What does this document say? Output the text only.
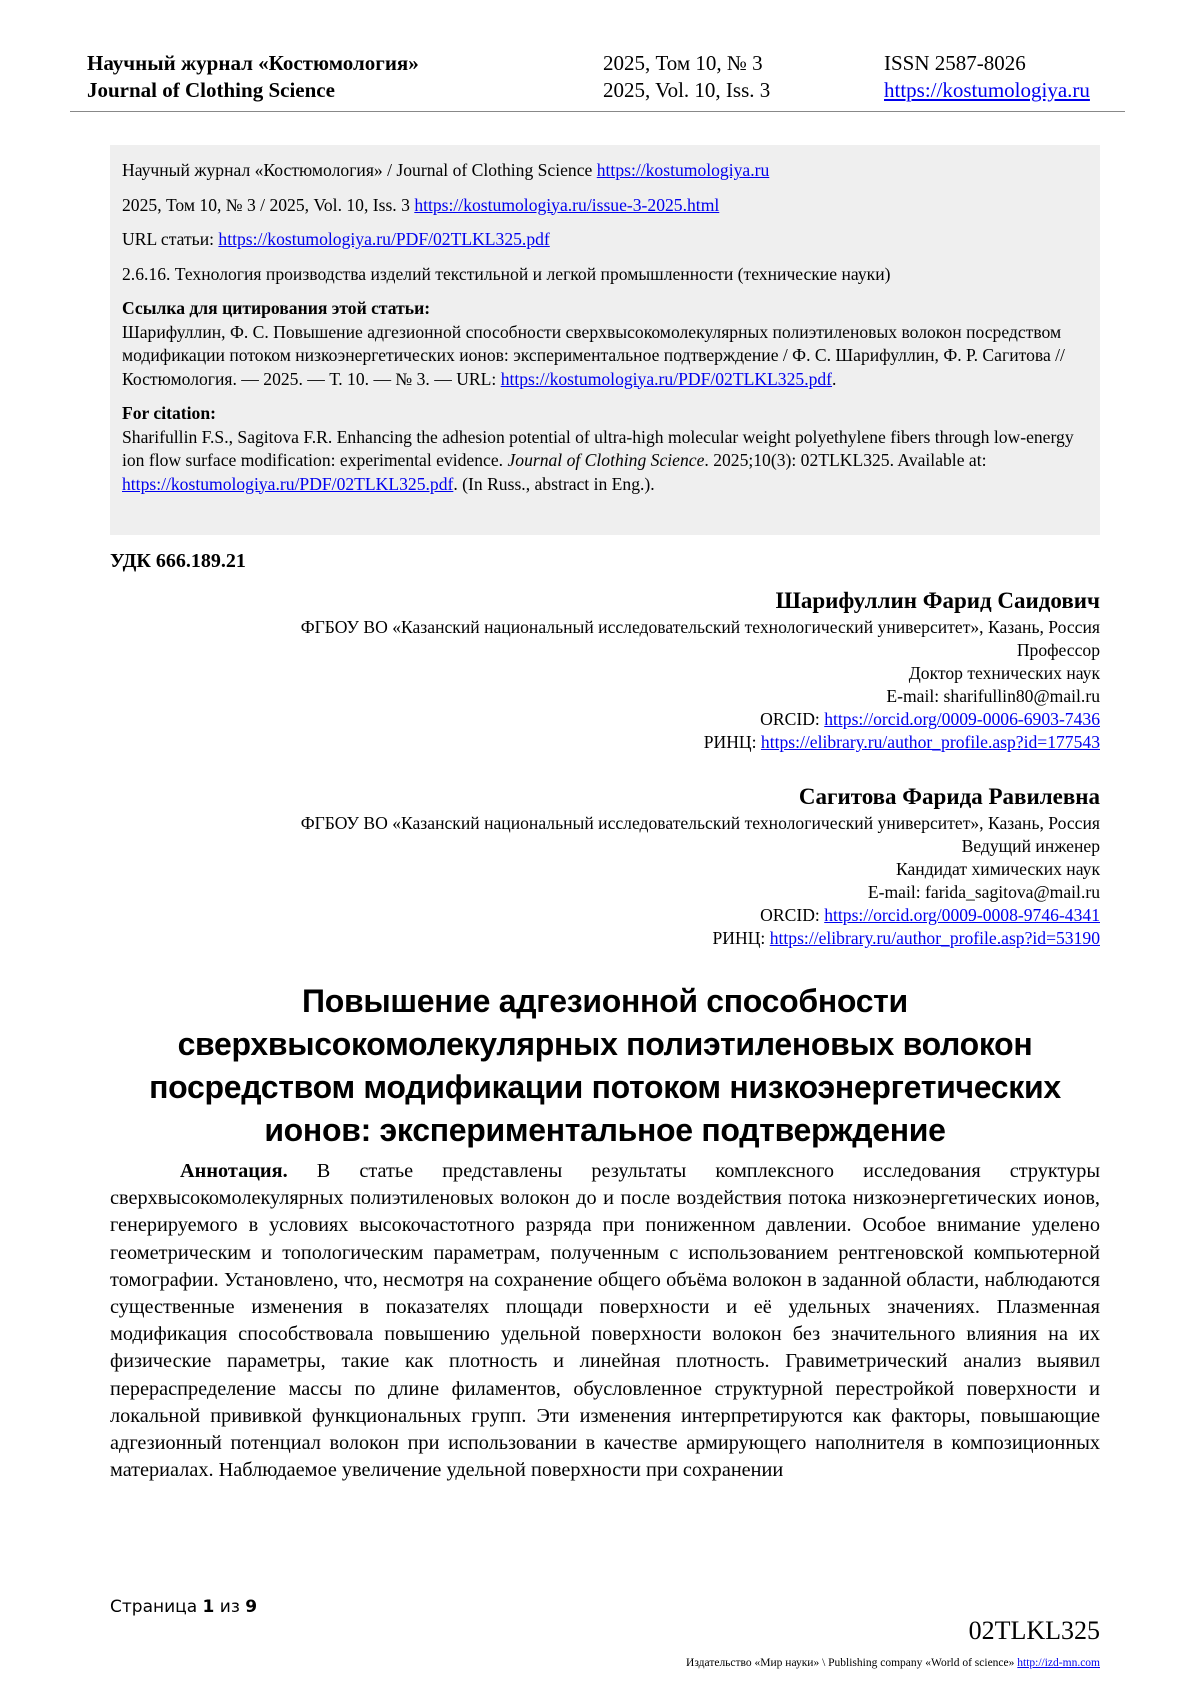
Научный журнал «Костюмология»
Journal of Clothing Science
2025, Том 10, № 3
2025, Vol. 10, Iss. 3
ISSN 2587-8026
https://kostumologiya.ru

Научный журнал «Костюмология» / Journal of Clothing Science https://kostumologiya.ru

2025, Том 10, № 3 / 2025, Vol. 10, Iss. 3 https://kostumologiya.ru/issue-3-2025.html

URL статьи: https://kostumologiya.ru/PDF/02TLKL325.pdf

2.6.16. Технология производства изделий текстильной и легкой промышленности (технические науки)

Ссылка для цитирования этой статьи:
Шарифуллин, Ф. С. Повышение адгезионной способности сверхвысокомолекулярных полиэтиленовых волокон посредством модификации потоком низкоэнергетических ионов: экспериментальное подтверждение / Ф. С. Шарифуллин, Ф. Р. Сагитова // Костюмология. — 2025. — Т. 10. — № 3. — URL: https://kostumologiya.ru/PDF/02TLKL325.pdf.

For citation:
Sharifullin F.S., Sagitova F.R. Enhancing the adhesion potential of ultra-high molecular weight polyethylene fibers through low-energy ion flow surface modification: experimental evidence. Journal of Clothing Science. 2025;10(3): 02TLKL325. Available at: https://kostumologiya.ru/PDF/02TLKL325.pdf. (In Russ., abstract in Eng.).

УДК 666.189.21
Шарифуллин Фарид Саидович
ФГБОУ ВО «Казанский национальный исследовательский технологический университет», Казань, Россия
Профессор
Доктор технических наук
E-mail: sharifullin80@mail.ru
ORCID: https://orcid.org/0009-0006-6903-7436
РИНЦ: https://elibrary.ru/author_profile.asp?id=177543
Сагитова Фарида Равилевна
ФГБОУ ВО «Казанский национальный исследовательский технологический университет», Казань, Россия
Ведущий инженер
Кандидат химических наук
E-mail: farida_sagitova@mail.ru
ORCID: https://orcid.org/0009-0008-9746-4341
РИНЦ: https://elibrary.ru/author_profile.asp?id=53190
Повышение адгезионной способности сверхвысокомолекулярных полиэтиленовых волокон посредством модификации потоком низкоэнергетических ионов: экспериментальное подтверждение
Аннотация. В статье представлены результаты комплексного исследования структуры сверхвысокомолекулярных полиэтиленовых волокон до и после воздействия потока низкоэнергетических ионов, генерируемого в условиях высокочастотного разряда при пониженном давлении. Особое внимание уделено геометрическим и топологическим параметрам, полученным с использованием рентгеновской компьютерной томографии. Установлено, что, несмотря на сохранение общего объёма волокон в заданной области, наблюдаются существенные изменения в показателях площади поверхности и её удельных значениях. Плазменная модификация способствовала повышению удельной поверхности волокон без значительного влияния на их физические параметры, такие как плотность и линейная плотность. Гравиметрический анализ выявил перераспределение массы по длине филаментов, обусловленное структурной перестройкой поверхности и локальной прививкой функциональных групп. Эти изменения интерпретируются как факторы, повышающие адгезионный потенциал волокон при использовании в качестве армирующего наполнителя в композиционных материалах. Наблюдаемое увеличение удельной поверхности при сохранении
Страница 1 из 9
02TLKL325
Издательство «Мир науки» \ Publishing company «World of science» http://izd-mn.com
